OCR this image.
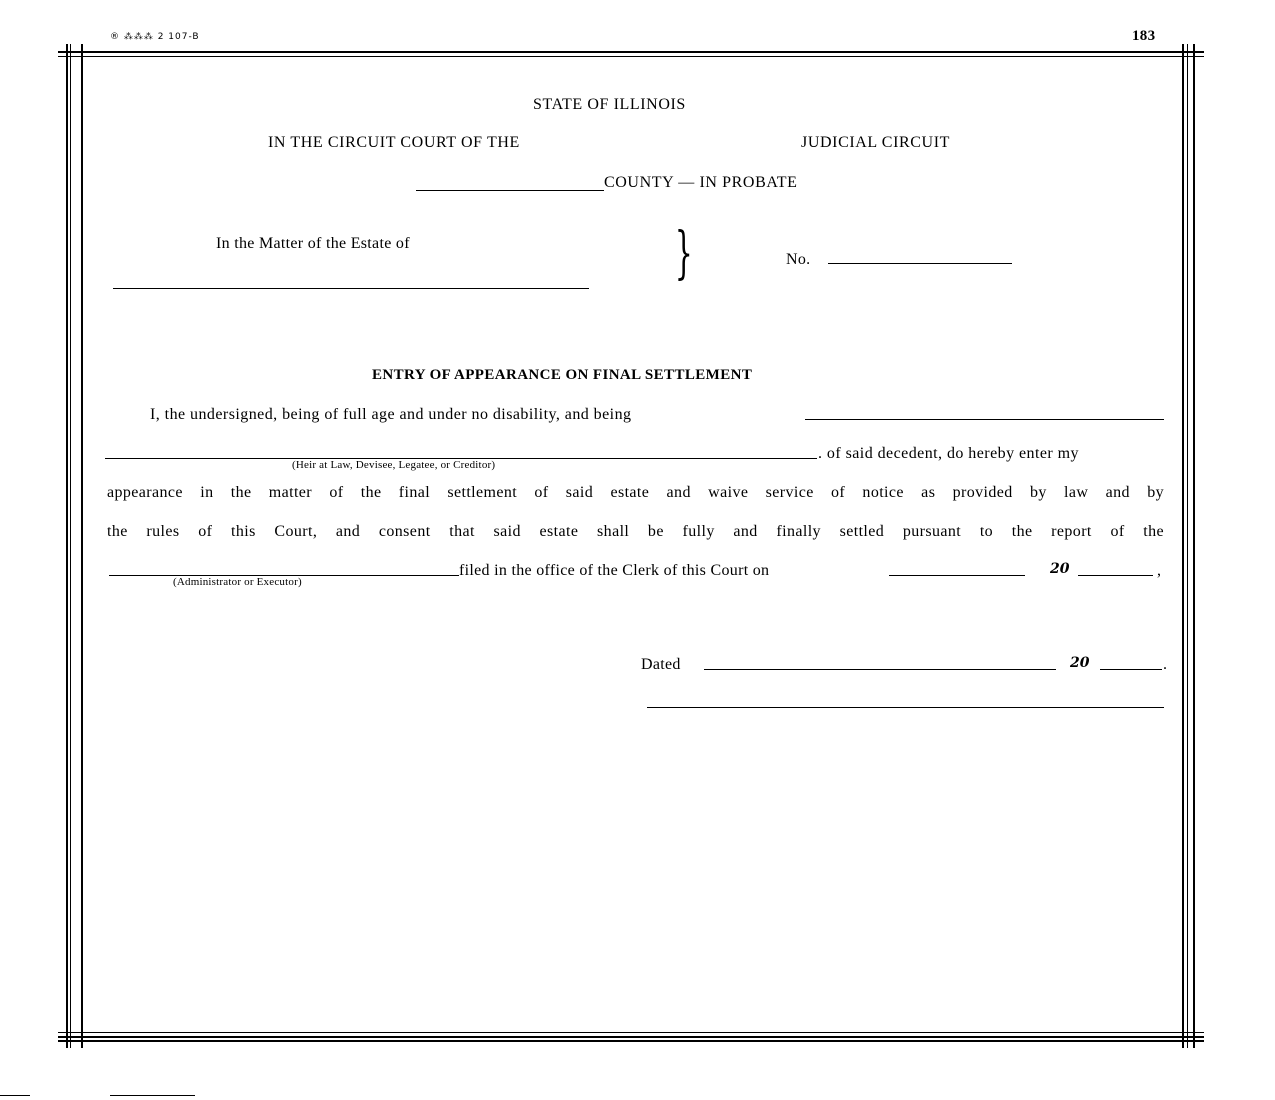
® ⁂⁂⁂ 2 107-B	183
STATE OF ILLINOIS
IN THE CIRCUIT COURT OF THE	JUDICIAL CIRCUIT
COUNTY — IN PROBATE
In the Matter of the Estate of	}	No.
ENTRY OF APPEARANCE ON FINAL SETTLEMENT
I, the undersigned, being of full age and under no disability, and being
. of said decedent, do hereby enter my
(Heir at Law, Devisee, Legatee, or Creditor)
appearance in the matter of the final settlement of said estate and waive service of notice as provided by law and by
the rules of this Court, and consent that said estate shall be fully and finally settled pursuant to the report of the
filed in the office of the Clerk of this Court on	20	,
(Administrator or Executor)
Dated	20	.
